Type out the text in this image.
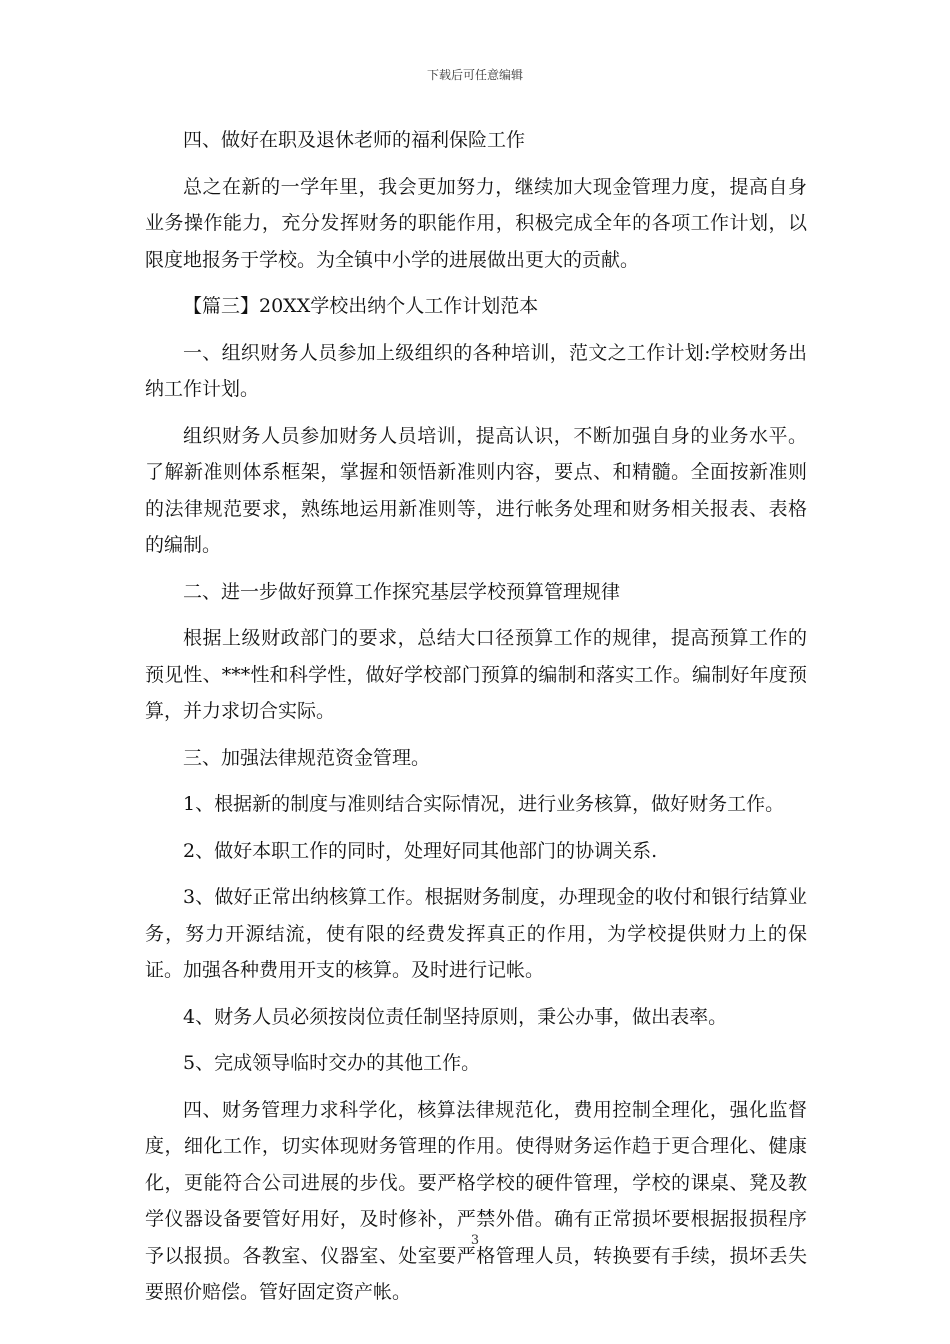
下载后可任意编辑

四、做好在职及退休老师的福利保险工作

总之在新的一学年里，我会更加努力，继续加大现金管理力度，提高自身业务操作能力，充分发挥财务的职能作用，积极完成全年的各项工作计划，以限度地报务于学校。为全镇中小学的进展做出更大的贡献。

【篇三】20XX学校出纳个人工作计划范本

一、组织财务人员参加上级组织的各种培训，范文之工作计划:学校财务出纳工作计划。

组织财务人员参加财务人员培训，提高认识，不断加强自身的业务水平。了解新准则体系框架，掌握和领悟新准则内容，要点、和精髓。全面按新准则的法律规范要求，熟练地运用新准则等，进行帐务处理和财务相关报表、表格的编制。

二、进一步做好预算工作探究基层学校预算管理规律

根据上级财政部门的要求，总结大口径预算工作的规律，提高预算工作的预见性、***性和科学性，做好学校部门预算的编制和落实工作。编制好年度预算，并力求切合实际。

三、加强法律规范资金管理。

1、根据新的制度与准则结合实际情况，进行业务核算，做好财务工作。

2、做好本职工作的同时，处理好同其他部门的协调关系.

3、做好正常出纳核算工作。根据财务制度，办理现金的收付和银行结算业务，努力开源结流，使有限的经费发挥真正的作用，为学校提供财力上的保证。加强各种费用开支的核算。及时进行记帐。

4、财务人员必须按岗位责任制坚持原则，秉公办事，做出表率。

5、完成领导临时交办的其他工作。

四、财务管理力求科学化，核算法律规范化，费用控制全理化，强化监督度，细化工作，切实体现财务管理的作用。使得财务运作趋于更合理化、健康化，更能符合公司进展的步伐。要严格学校的硬件管理，学校的课桌、凳及教学仪器设备要管好用好，及时修补，严禁外借。确有正常损坏要根据报损程序予以报损。各教室、仪器室、处室要严格管理人员，转换要有手续，损坏丢失要照价赔偿。管好固定资产帐。

3
